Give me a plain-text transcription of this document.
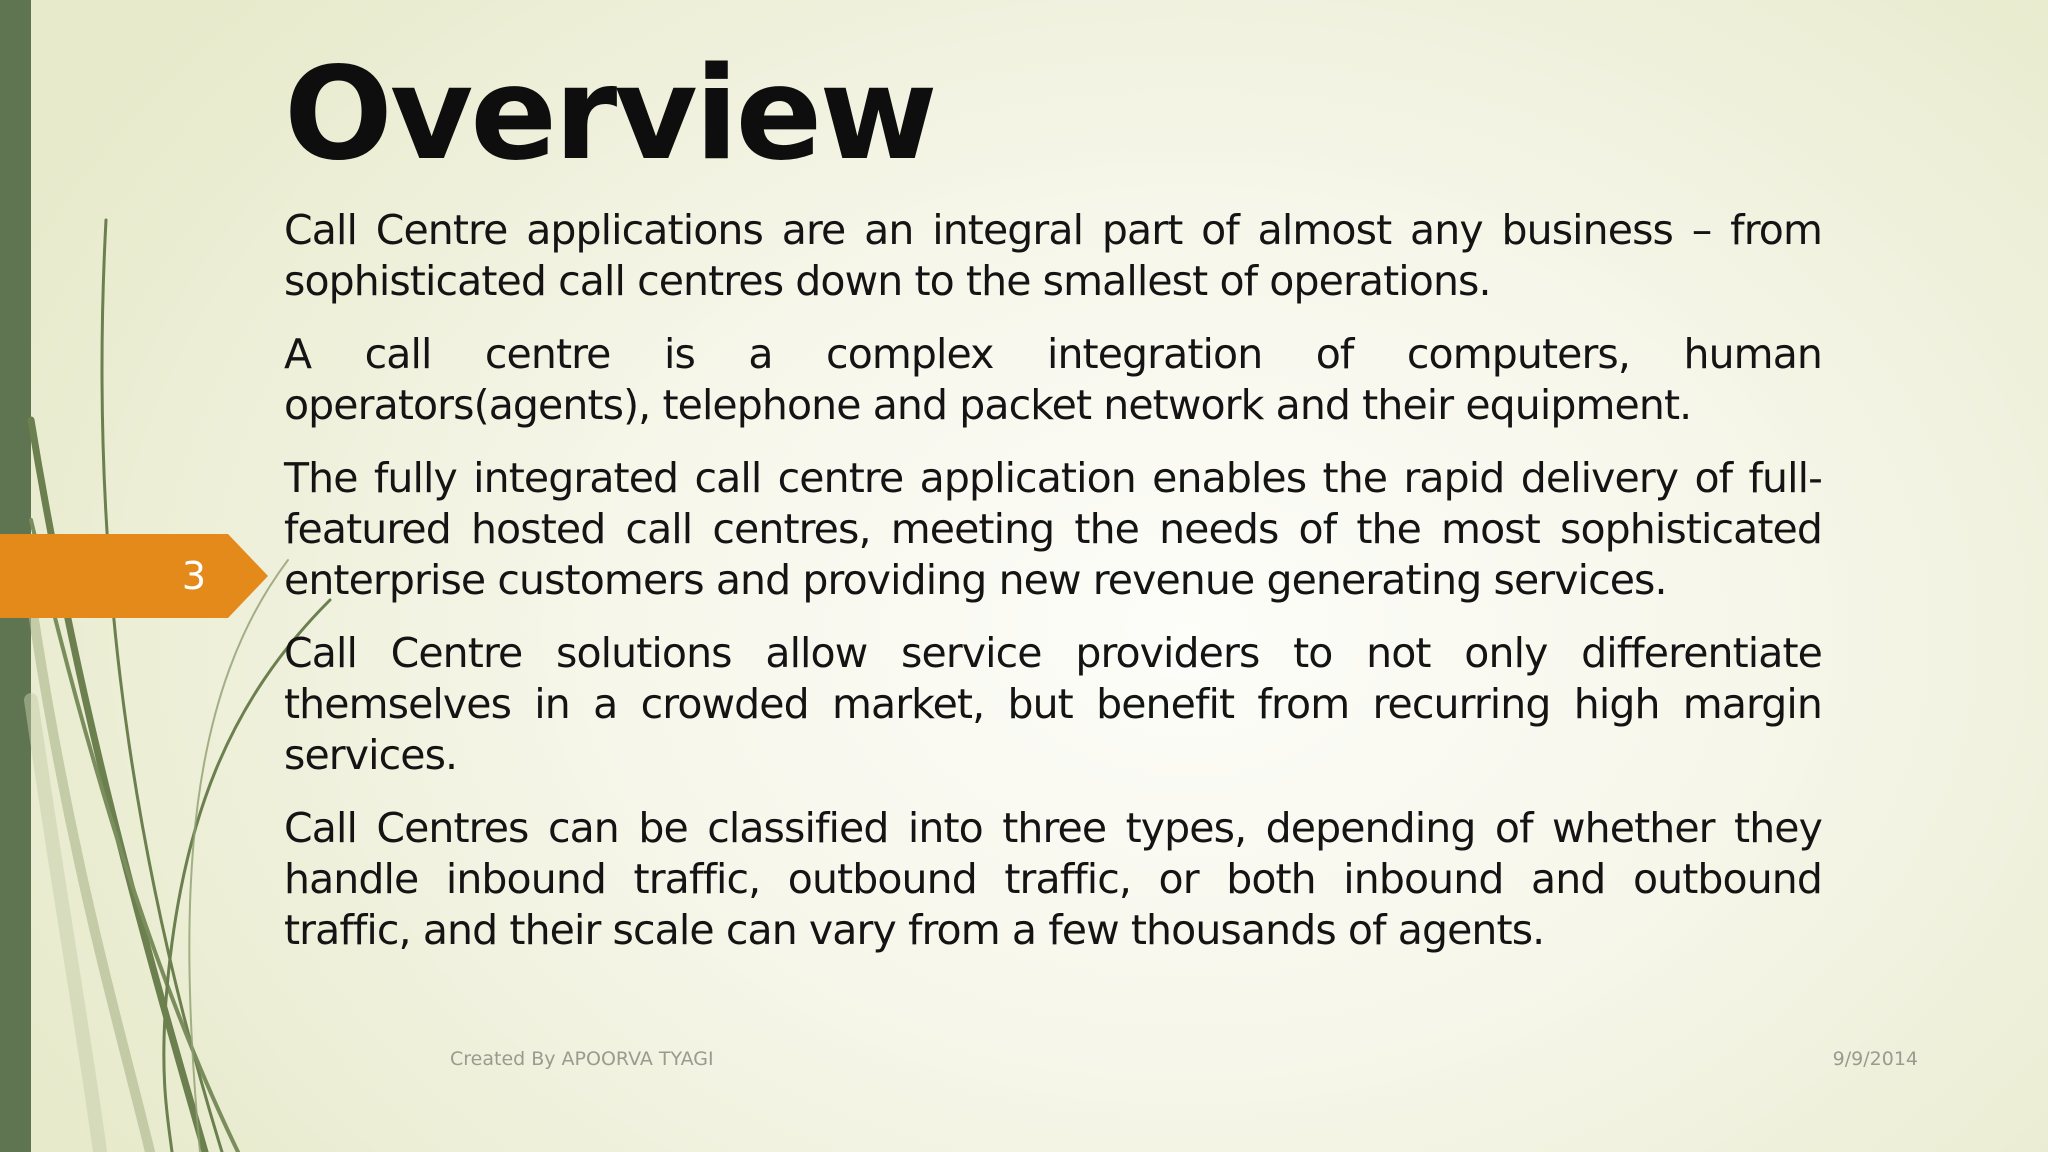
3
Overview

Call Centre applications are an integral part of almost any business – from sophisticated call centres down to the smallest of operations.

A call centre is a complex integration of computers, human operators(agents), telephone and packet network and their equipment.

The fully integrated call centre application enables the rapid delivery of full-featured hosted call centres, meeting the needs of the most sophisticated enterprise customers and providing new revenue generating services.

Call Centre solutions allow service providers to not only differentiate themselves in a crowded market, but benefit from recurring high margin services.

Call Centres can be classified into three types, depending of whether they handle inbound traffic, outbound traffic, or both inbound and outbound traffic, and their scale can vary from a few thousands of agents.

Created By APOORVA TYAGI	9/9/2014
